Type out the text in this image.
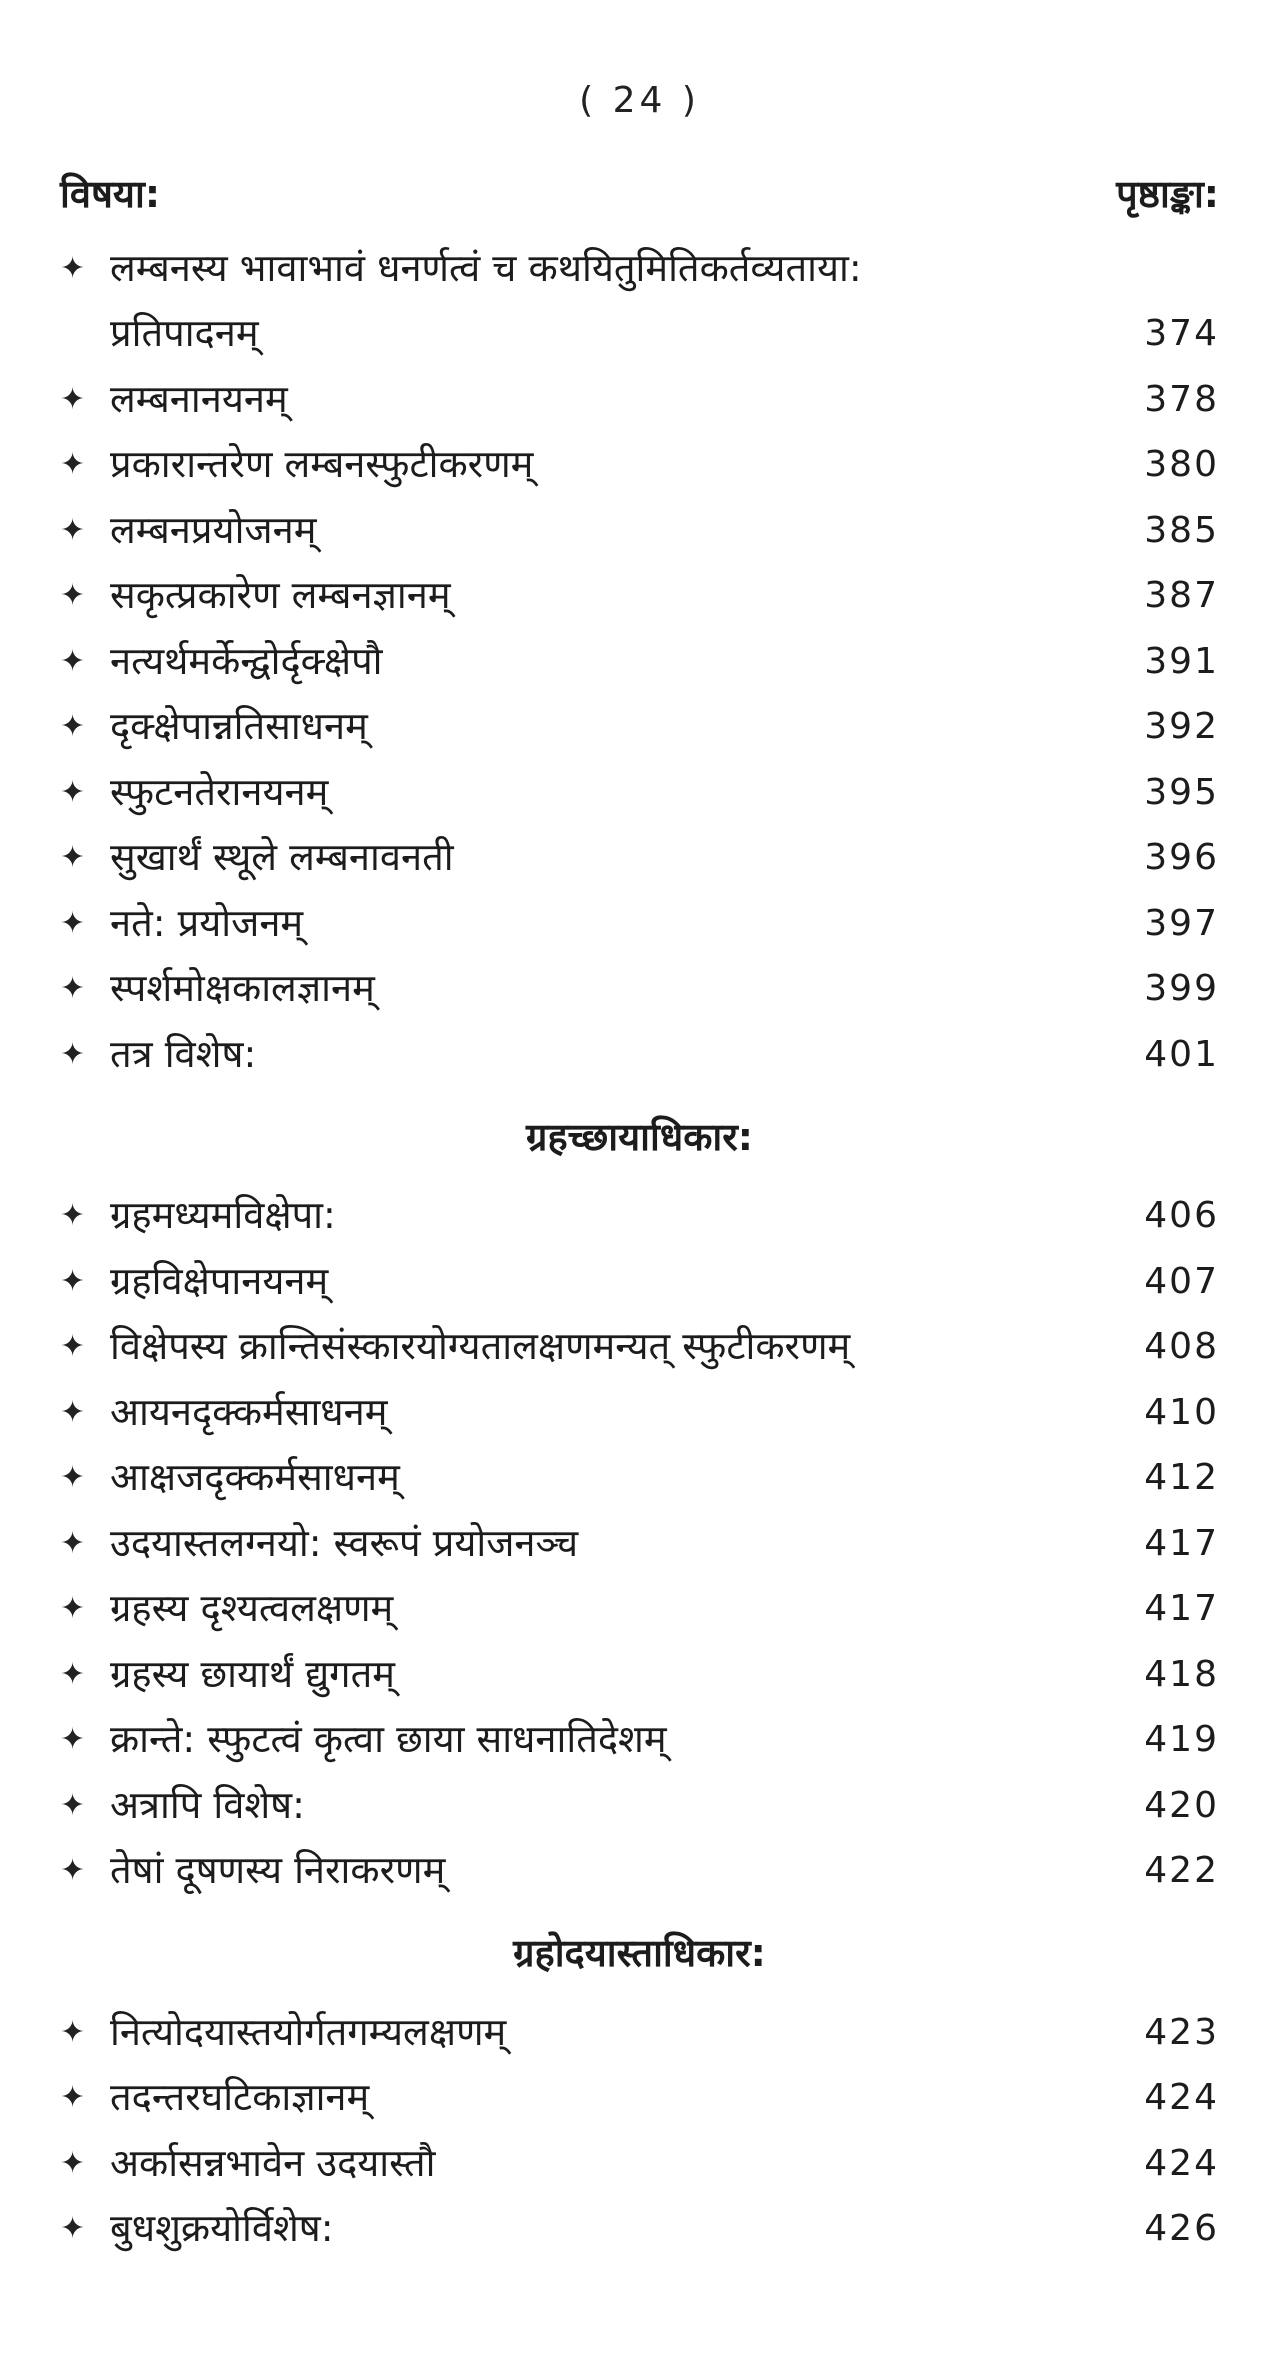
( 24 )
विषया:	पृष्ठाङ्का:
✦ लम्बनस्य भावाभावं धनर्णत्वं च कथयितुमितिकर्तव्यताया:
प्रतिपादनम्	374
✦ लम्बनानयनम्	378
✦ प्रकारान्तरेण लम्बनस्फुटीकरणम्	380
✦ लम्बनप्रयोजनम्	385
✦ सकृत्प्रकारेण लम्बनज्ञानम्	387
✦ नत्यर्थमर्केन्द्वोर्दृक्क्षेपौ	391
✦ दृक्क्षेपान्नतिसाधनम्	392
✦ स्फुटनतेरानयनम्	395
✦ सुखार्थं स्थूले लम्बनावनती	396
✦ नते: प्रयोजनम्	397
✦ स्पर्शमोक्षकालज्ञानम्	399
✦ तत्र विशेष:	401
ग्रहच्छायाधिकार:
✦ ग्रहमध्यमविक्षेपा:	406
✦ ग्रहविक्षेपानयनम्	407
✦ विक्षेपस्य क्रान्तिसंस्कारयोग्यतालक्षणमन्यत् स्फुटीकरणम्	408
✦ आयनदृक्कर्मसाधनम्	410
✦ आक्षजदृक्कर्मसाधनम्	412
✦ उदयास्तलग्नयो: स्वरूपं प्रयोजनञ्च	417
✦ ग्रहस्य दृश्यत्वलक्षणम्	417
✦ ग्रहस्य छायार्थं द्युगतम्	418
✦ क्रान्ते: स्फुटत्वं कृत्वा छाया साधनातिदेशम्	419
✦ अत्रापि विशेष:	420
✦ तेषां दूषणस्य निराकरणम्	422
ग्रहोदयास्ताधिकार:
✦ नित्योदयास्तयोर्गतगम्यलक्षणम्	423
✦ तदन्तरघटिकाज्ञानम्	424
✦ अर्कासन्नभावेन उदयास्तौ	424
✦ बुधशुक्रयोर्विशेष:	426
